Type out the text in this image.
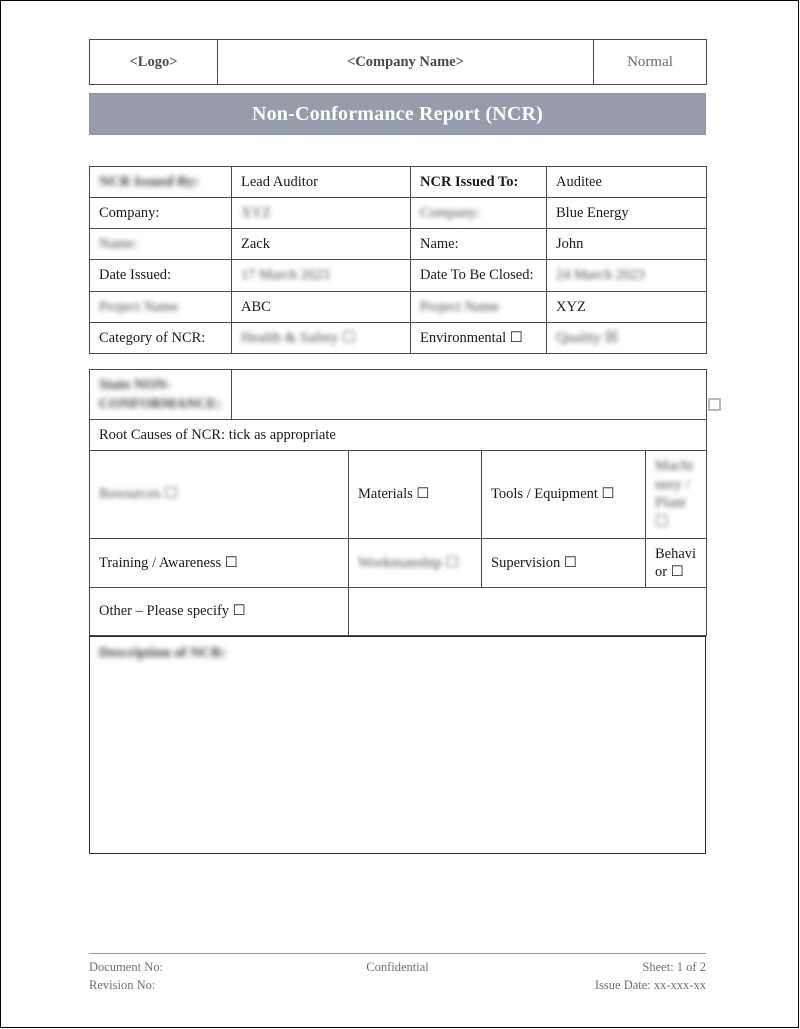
<Logo>	<Company Name>	Normal
Non-Conformance Report (NCR)
NCR Issued By:	Lead Auditor	NCR Issued To:	Auditee
Company:	XYZ	Company:	Blue Energy
Name:	Zack	Name:	John
Date Issued:	17 March 2023	Date To Be Closed:	24 March 2023
Project Name	ABC	Project Name	XYZ
Category of NCR:	Health & Safety ☐	Environmental ☐	Quality ☒
State NON-
CONFORMANCE:				
Root Causes of NCR: tick as appropriate				
Resources ☐		Materials ☐	Tools / Equipment ☐	Machinery / Plant ☐
Training / Awareness ☐		Workmanship ☐	Supervision ☐	Behavior ☐
Other – Please specify ☐				
Description of NCR:
Document No:	Confidential	Sheet: 1 of 2
Revision No:	Issue Date: xx-xxx-xx
